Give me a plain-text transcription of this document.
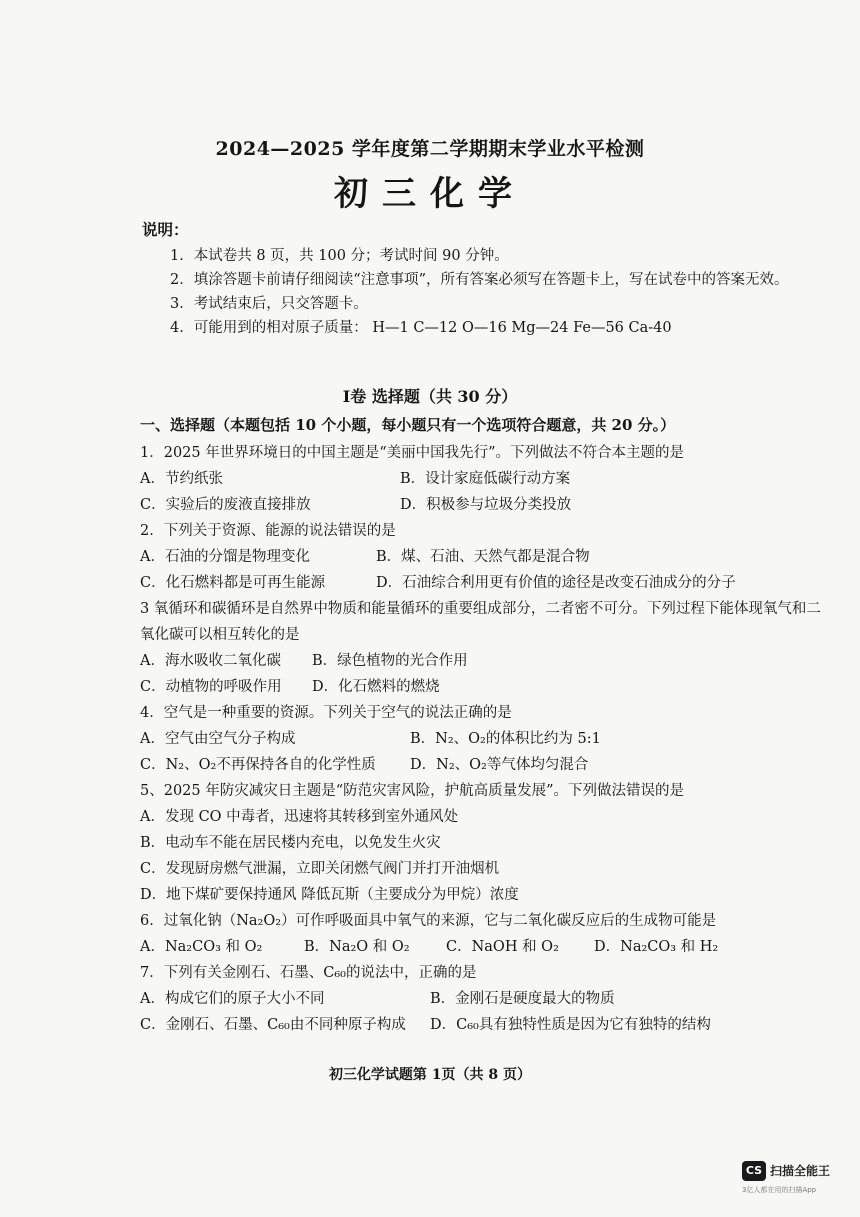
2024—2025 学年度第二学期期末学业水平检测
初三化学
说明：
1．本试卷共 8 页，共 100 分；考试时间 90 分钟。
2．填涂答题卡前请仔细阅读“注意事项”，所有答案必须写在答题卡上，写在试卷中的答案无效。
3．考试结束后，只交答题卡。
4．可能用到的相对原子质量： H—1 C—12 O—16 Mg—24 Fe—56 Ca-40
I卷 选择题（共 30 分）
一、选择题（本题包括 10 个小题，每小题只有一个选项符合题意，共 20 分。）
1．2025 年世界环境日的中国主题是“美丽中国我先行”。下列做法不符合本主题的是
A．节约纸张	B．设计家庭低碳行动方案
C．实验后的废液直接排放	D．积极参与垃圾分类投放
2．下列关于资源、能源的说法错误的是
A．石油的分馏是物理变化	B．煤、石油、天然气都是混合物
C．化石燃料都是可再生能源	D．石油综合利用更有价值的途径是改变石油成分的分子
3 氧循环和碳循环是自然界中物质和能量循环的重要组成部分，二者密不可分。下列过程下能体现氧气和二氧化碳可以相互转化的是
A．海水吸收二氧化碳	B．绿色植物的光合作用
C．动植物的呼吸作用	D．化石燃料的燃烧
4．空气是一种重要的资源。下列关于空气的说法正确的是
A．空气由空气分子构成	B．N₂、O₂的体积比约为 5:1
C．N₂、O₂不再保持各自的化学性质	D．N₂、O₂等气体均匀混合
5、2025 年防灾减灾日主题是“防范灾害风险，护航高质量发展”。下列做法错误的是
A．发现 CO 中毒者，迅速将其转移到室外通风处
B．电动车不能在居民楼内充电，以免发生火灾
C．发现厨房燃气泄漏，立即关闭燃气阀门并打开油烟机
D．地下煤矿要保持通风 降低瓦斯（主要成分为甲烷）浓度
6．过氧化钠（Na₂O₂）可作呼吸面具中氧气的来源，它与二氧化碳反应后的生成物可能是
A．Na₂CO₃ 和 O₂	B．Na₂O 和 O₂	C．NaOH 和 O₂	D．Na₂CO₃ 和 H₂
7．下列有关金刚石、石墨、C₆₀的说法中，正确的是
A．构成它们的原子大小不同	B．金刚石是硬度最大的物质
C．金刚石、石墨、C₆₀由不同种原子构成	D．C₆₀具有独特性质是因为它有独特的结构
初三化学试题第 1页（共 8 页）
CS 扫描全能王
3亿人都在用的扫描App
